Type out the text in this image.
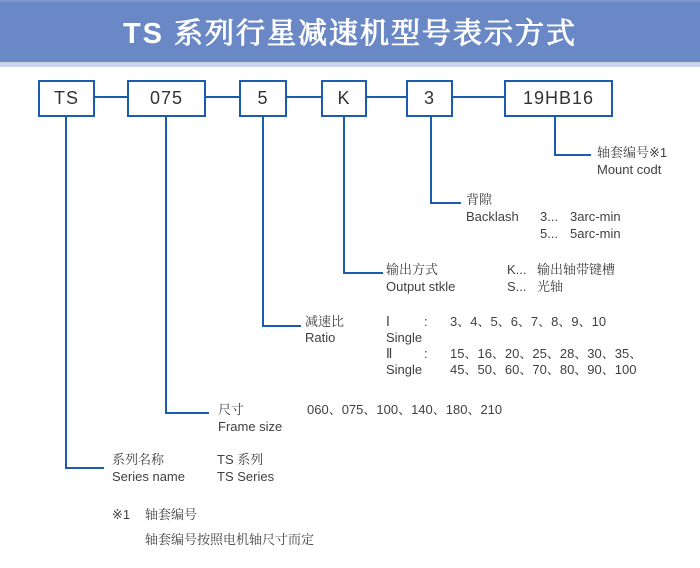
TS 系列行星减速机型号表示方式
TS	075	5	K	3	19HB16
轴套编号※1
Mount codt
背隙
Backlash 3... 3arc-min
5... 5arc-min
输出方式
Output stkle
K... 输出轴带键槽
S... 光轴
减速比
Ratio
Ⅰ	: 3、4、5、6、7、8、9、10
Single
Ⅱ : 15、16、20、25、28、30、35、
Single 45、50、60、70、80、90、100
尺寸
Frame size
060、075、100、140、180、210
系列名称
Series name
TS 系列
TS Series
※1 轴套编号
轴套编号按照电机轴尺寸而定
